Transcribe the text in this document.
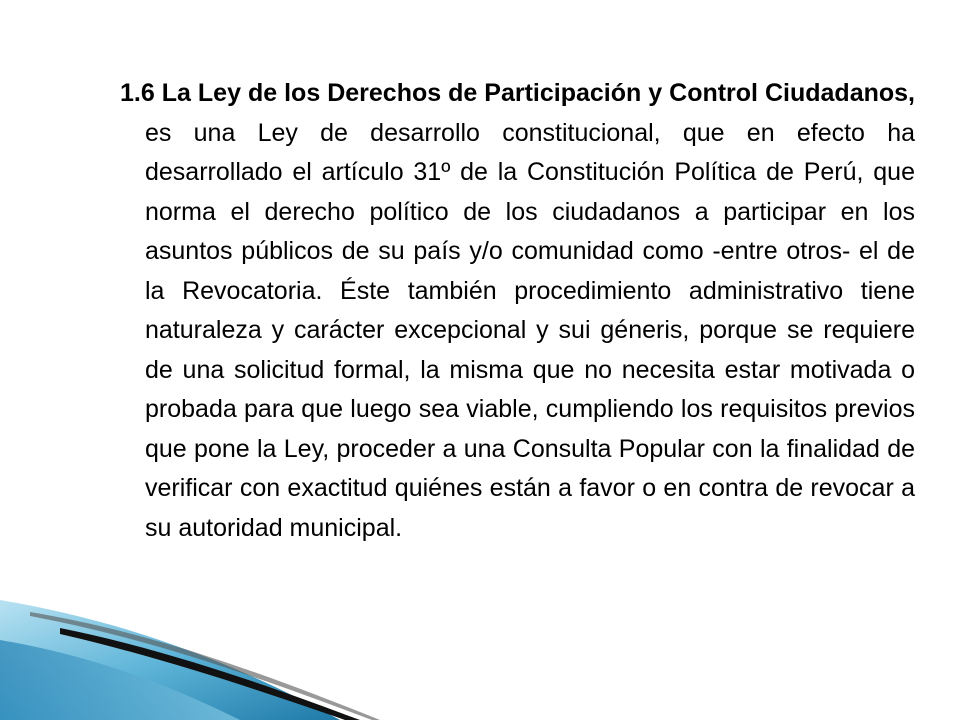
1.6 La Ley de los Derechos de Participación y Control Ciudadanos, es una Ley de desarrollo constitucional, que en efecto ha desarrollado el artículo 31º de la Constitución Política de Perú, que norma el derecho político de los ciudadanos a participar en los asuntos públicos de su país y/o comunidad como -entre otros- el de la Revocatoria. Éste también procedimiento administrativo tiene naturaleza y carácter excepcional y sui géneris, porque se requiere de una solicitud formal, la misma que no necesita estar motivada o probada para que luego sea viable, cumpliendo los requisitos previos que pone la Ley, proceder a una Consulta Popular con la finalidad de verificar con exactitud quiénes están a favor o en contra de revocar a su autoridad municipal.
